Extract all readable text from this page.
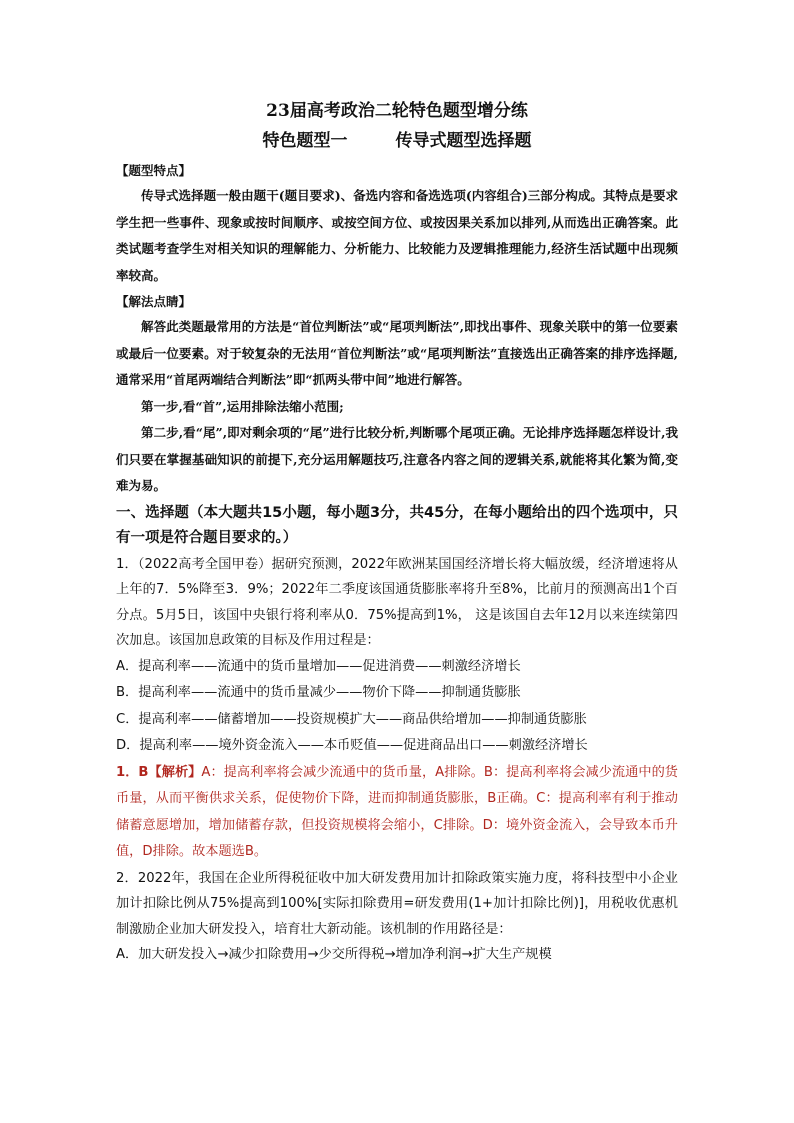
23届高考政治二轮特色题型增分练

特色题型一	传导式题型选择题

【题型特点】

传导式选择题一般由题干(题目要求)、备选内容和备选选项(内容组合)三部分构成。其特点是要求学生把一些事件、现象或按时间顺序、或按空间方位、或按因果关系加以排列,从而选出正确答案。此类试题考查学生对相关知识的理解能力、分析能力、比较能力及逻辑推理能力,经济生活试题中出现频率较高。

【解法点睛】

解答此类题最常用的方法是“首位判断法”或“尾项判断法”,即找出事件、现象关联中的第一位要素或最后一位要素。对于较复杂的无法用“首位判断法”或“尾项判断法”直接选出正确答案的排序选择题,通常采用“首尾两端结合判断法”即“抓两头带中间”地进行解答。

第一步,看“首”,运用排除法缩小范围;

第二步,看“尾”,即对剩余项的“尾”进行比较分析,判断哪个尾项正确。无论排序选择题怎样设计,我们只要在掌握基础知识的前提下,充分运用解题技巧,注意各内容之间的逻辑关系,就能将其化繁为简,变难为易。

一、选择题（本大题共15小题，每小题3分，共45分，在每小题给出的四个选项中，只有一项是符合题目要求的。）

1．（2022高考全国甲卷）据研究预测，2022年欧洲某国国经济增长将大幅放缓，经济增速将从上年的7．5%降至3．9%；2022年二季度该国通货膨胀率将升至8%，比前月的预测高出1个百分点。5月5日，该国中央银行将利率从0．75%提高到1%， 这是该国自去年12月以来连续第四次加息。该国加息政策的目标及作用过程是：

A．提高利率——流通中的货币量增加——促进消费——刺激经济增长

B．提高利率——流通中的货币量减少——物价下降——抑制通货膨胀

C．提高利率——储蓄增加——投资规模扩大——商品供给增加——抑制通货膨胀

D．提高利率——境外资金流入——本币贬值——促进商品出口——刺激经济增长

1．B【解析】A：提高利率将会减少流通中的货币量，A排除。B：提高利率将会减少流通中的货币量，从而平衡供求关系，促使物价下降，进而抑制通货膨胀，B正确。C：提高利率有利于推动储蓄意愿增加，增加储蓄存款，但投资规模将会缩小，C排除。D：境外资金流入，会导致本币升值，D排除。故本题选B。

2．2022年，我国在企业所得税征收中加大研发费用加计扣除政策实施力度，将科技型中小企业加计扣除比例从75%提高到100%[实际扣除费用=研发费用(1+加计扣除比例)]，用税收优惠机制激励企业加大研发投入，培育壮大新动能。该机制的作用路径是：

A．加大研发投入→减少扣除费用→少交所得税→增加净利润→扩大生产规模
